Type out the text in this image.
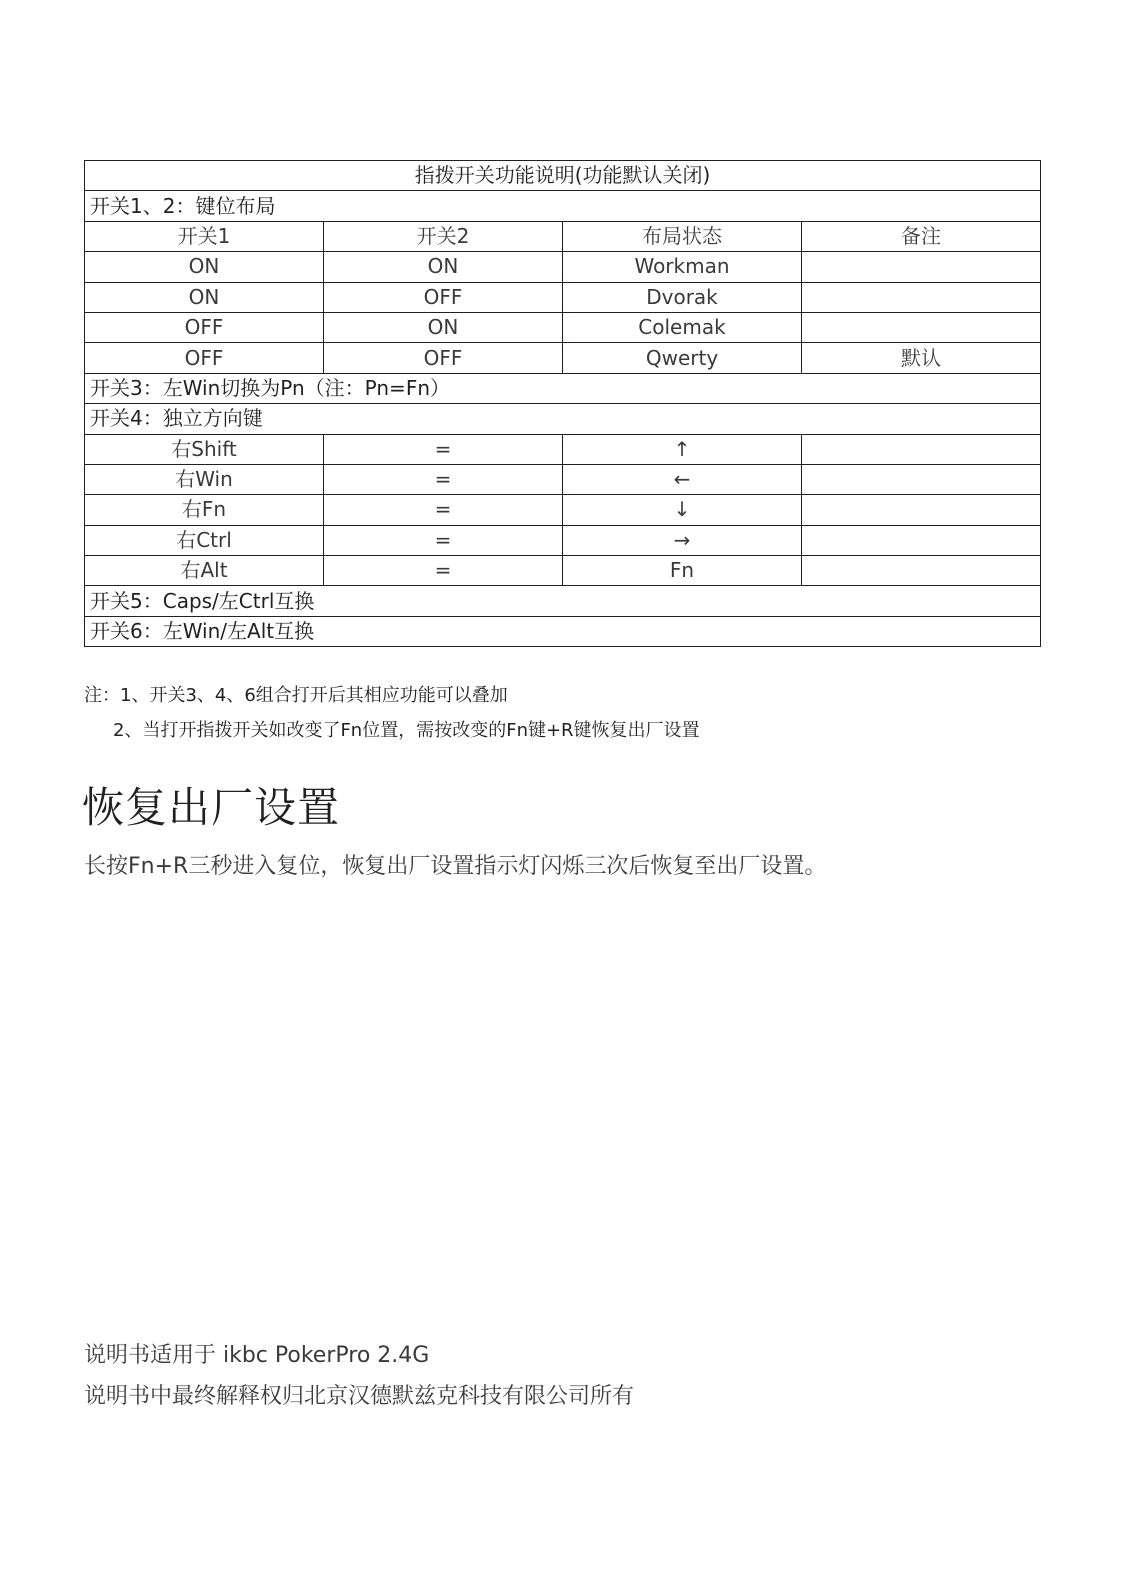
指拨开关功能说明(功能默认关闭)			
开关1、2：键位布局			
开关1	开关2	布局状态	备注
ON	ON	Workman	
ON	OFF	Dvorak	
OFF	ON	Colemak	
OFF	OFF	Qwerty	默认
开关3：左Win切换为Pn（注：Pn=Fn）			
开关4：独立方向键			
右Shift	=	↑	
右Win	=	←	
右Fn	=	↓	
右Ctrl	=	→	
右Alt	=	Fn	
开关5：Caps/左Ctrl互换			
开关6：左Win/左Alt互换			
注：1、开关3、4、6组合打开后其相应功能可以叠加
2、当打开指拨开关如改变了Fn位置，需按改变的Fn键+R键恢复出厂设置
恢复出厂设置
长按Fn+R三秒进入复位，恢复出厂设置指示灯闪烁三次后恢复至出厂设置。
说明书适用于 ikbc PokerPro 2.4G
说明书中最终解释权归北京汉德默兹克科技有限公司所有
